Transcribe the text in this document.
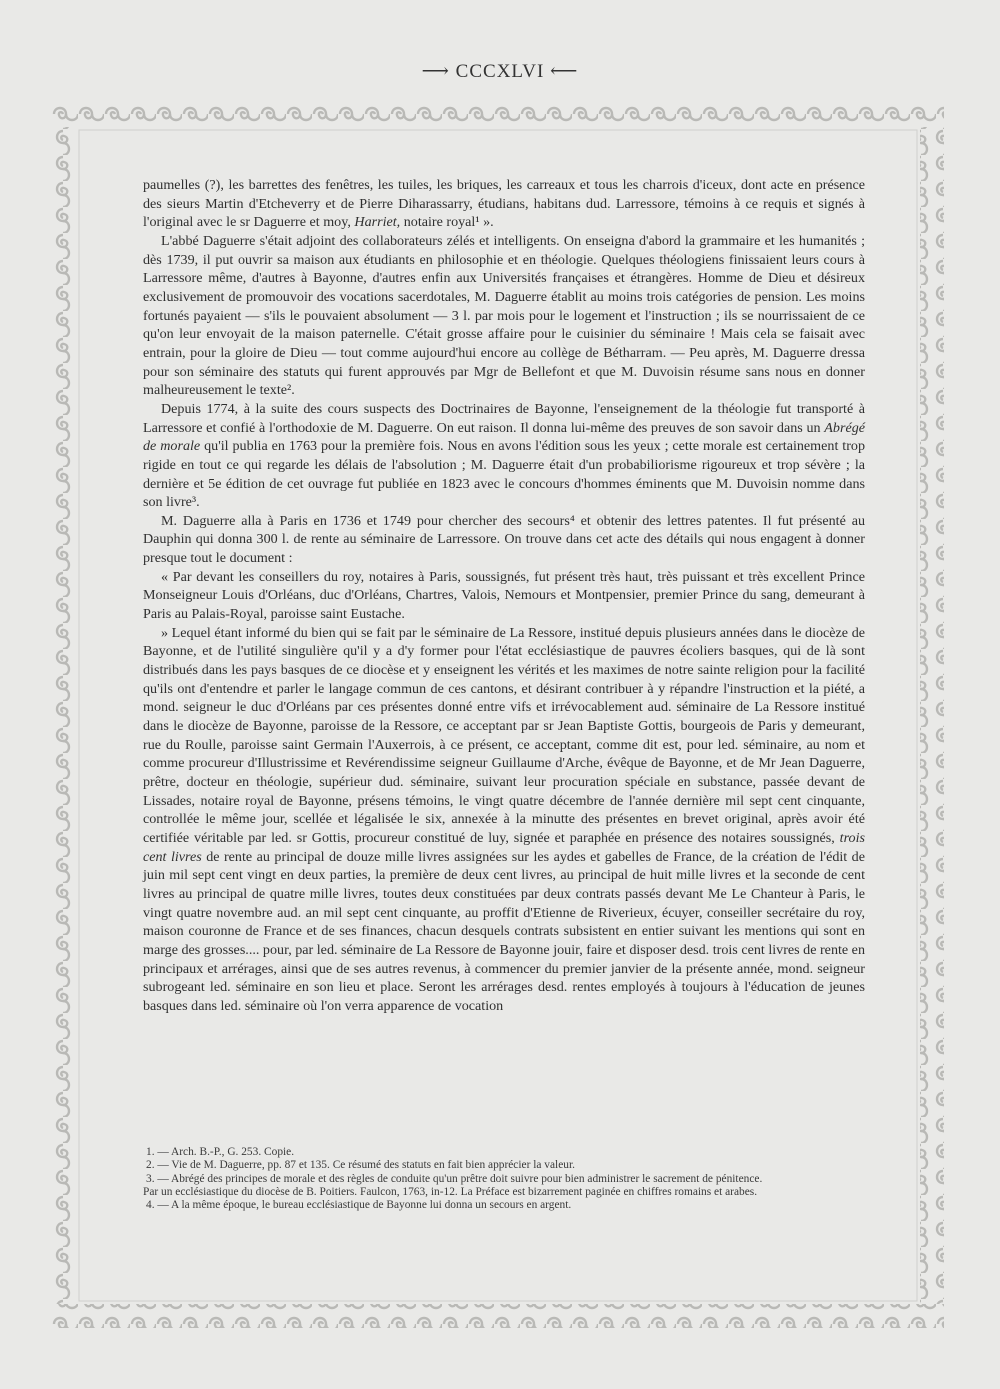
⟶ CCCXLVI ⟵

paumelles (?), les barrettes des fenêtres, les tuiles, les briques, les carreaux et tous les charrois d'iceux, dont acte en présence des sieurs Martin d'Etcheverry et de Pierre Diharassarry, étudians, habitans dud. Larressore, témoins à ce requis et signés à l'original avec le sr Daguerre et moy, Harriet, notaire royal¹ ».

L'abbé Daguerre s'était adjoint des collaborateurs zélés et intelligents. On enseigna d'abord la grammaire et les humanités ; dès 1739, il put ouvrir sa maison aux étudiants en philosophie et en théologie. Quelques théologiens finissaient leurs cours à Larressore même, d'autres à Bayonne, d'autres enfin aux Universités françaises et étrangères. Homme de Dieu et désireux exclusivement de promouvoir des vocations sacerdotales, M. Daguerre établit au moins trois catégories de pension. Les moins fortunés payaient — s'ils le pouvaient absolument — 3 l. par mois pour le logement et l'instruction ; ils se nourrissaient de ce qu'on leur envoyait de la maison paternelle. C'était grosse affaire pour le cuisinier du séminaire ! Mais cela se faisait avec entrain, pour la gloire de Dieu — tout comme aujourd'hui encore au collège de Bétharram. — Peu après, M. Daguerre dressa pour son séminaire des statuts qui furent approuvés par Mgr de Bellefont et que M. Duvoisin résume sans nous en donner malheureusement le texte².

Depuis 1774, à la suite des cours suspects des Doctrinaires de Bayonne, l'enseignement de la théologie fut transporté à Larressore et confié à l'orthodoxie de M. Daguerre. On eut raison. Il donna lui-même des preuves de son savoir dans un Abrégé de morale qu'il publia en 1763 pour la première fois. Nous en avons l'édition sous les yeux ; cette morale est certainement trop rigide en tout ce qui regarde les délais de l'absolution ; M. Daguerre était d'un probabiliorisme rigoureux et trop sévère ; la dernière et 5e édition de cet ouvrage fut publiée en 1823 avec le concours d'hommes éminents que M. Duvoisin nomme dans son livre³.

M. Daguerre alla à Paris en 1736 et 1749 pour chercher des secours⁴ et obtenir des lettres patentes. Il fut présenté au Dauphin qui donna 300 l. de rente au séminaire de Larressore. On trouve dans cet acte des détails qui nous engagent à donner presque tout le document :

« Par devant les conseillers du roy, notaires à Paris, soussignés, fut présent très haut, très puissant et très excellent Prince Monseigneur Louis d'Orléans, duc d'Orléans, Chartres, Valois, Nemours et Montpensier, premier Prince du sang, demeurant à Paris au Palais-Royal, paroisse saint Eustache.

» Lequel étant informé du bien qui se fait par le séminaire de La Ressore, institué depuis plusieurs années dans le diocèze de Bayonne, et de l'utilité singulière qu'il y a d'y former pour l'état ecclésiastique de pauvres écoliers basques, qui de là sont distribués dans les pays basques de ce diocèse et y enseignent les vérités et les maximes de notre sainte religion pour la facilité qu'ils ont d'entendre et parler le langage commun de ces cantons, et désirant contribuer à y répandre l'instruction et la piété, a mond. seigneur le duc d'Orléans par ces présentes donné entre vifs et irrévocablement aud. séminaire de La Ressore institué dans le diocèze de Bayonne, paroisse de la Ressore, ce acceptant par sr Jean Baptiste Gottis, bourgeois de Paris y demeurant, rue du Roulle, paroisse saint Germain l'Auxerrois, à ce présent, ce acceptant, comme dit est, pour led. séminaire, au nom et comme procureur d'Illustrissime et Revérendissime seigneur Guillaume d'Arche, évêque de Bayonne, et de Mr Jean Daguerre, prêtre, docteur en théologie, supérieur dud. séminaire, suivant leur procuration spéciale en substance, passée devant de Lissades, notaire royal de Bayonne, présens témoins, le vingt quatre décembre de l'année dernière mil sept cent cinquante, controllée le même jour, scellée et légalisée le six, annexée à la minutte des présentes en brevet original, après avoir été certifiée véritable par led. sr Gottis, procureur constitué de luy, signée et paraphée en présence des notaires soussignés, trois cent livres de rente au principal de douze mille livres assignées sur les aydes et gabelles de France, de la création de l'édit de juin mil sept cent vingt en deux parties, la première de deux cent livres, au principal de huit mille livres et la seconde de cent livres au principal de quatre mille livres, toutes deux constituées par deux contrats passés devant Me Le Chanteur à Paris, le vingt quatre novembre aud. an mil sept cent cinquante, au proffit d'Etienne de Riverieux, écuyer, conseiller secrétaire du roy, maison couronne de France et de ses finances, chacun desquels contrats subsistent en entier suivant les mentions qui sont en marge des grosses.... pour, par led. séminaire de La Ressore de Bayonne jouir, faire et disposer desd. trois cent livres de rente en principaux et arrérages, ainsi que de ses autres revenus, à commencer du premier janvier de la présente année, mond. seigneur subrogeant led. séminaire en son lieu et place. Seront les arrérages desd. rentes employés à toujours à l'éducation de jeunes basques dans led. séminaire où l'on verra apparence de vocation

1. — Arch. B.-P., G. 253. Copie.

2. — Vie de M. Daguerre, pp. 87 et 135. Ce résumé des statuts en fait bien apprécier la valeur.

3. — Abrégé des principes de morale et des règles de conduite qu'un prêtre doit suivre pour bien administrer le sacrement de pénitence.

Par un ecclésiastique du diocèse de B. Poitiers. Faulcon, 1763, in-12. La Préface est bizarrement paginée en chiffres romains et arabes.

4. — A la même époque, le bureau ecclésiastique de Bayonne lui donna un secours en argent.
